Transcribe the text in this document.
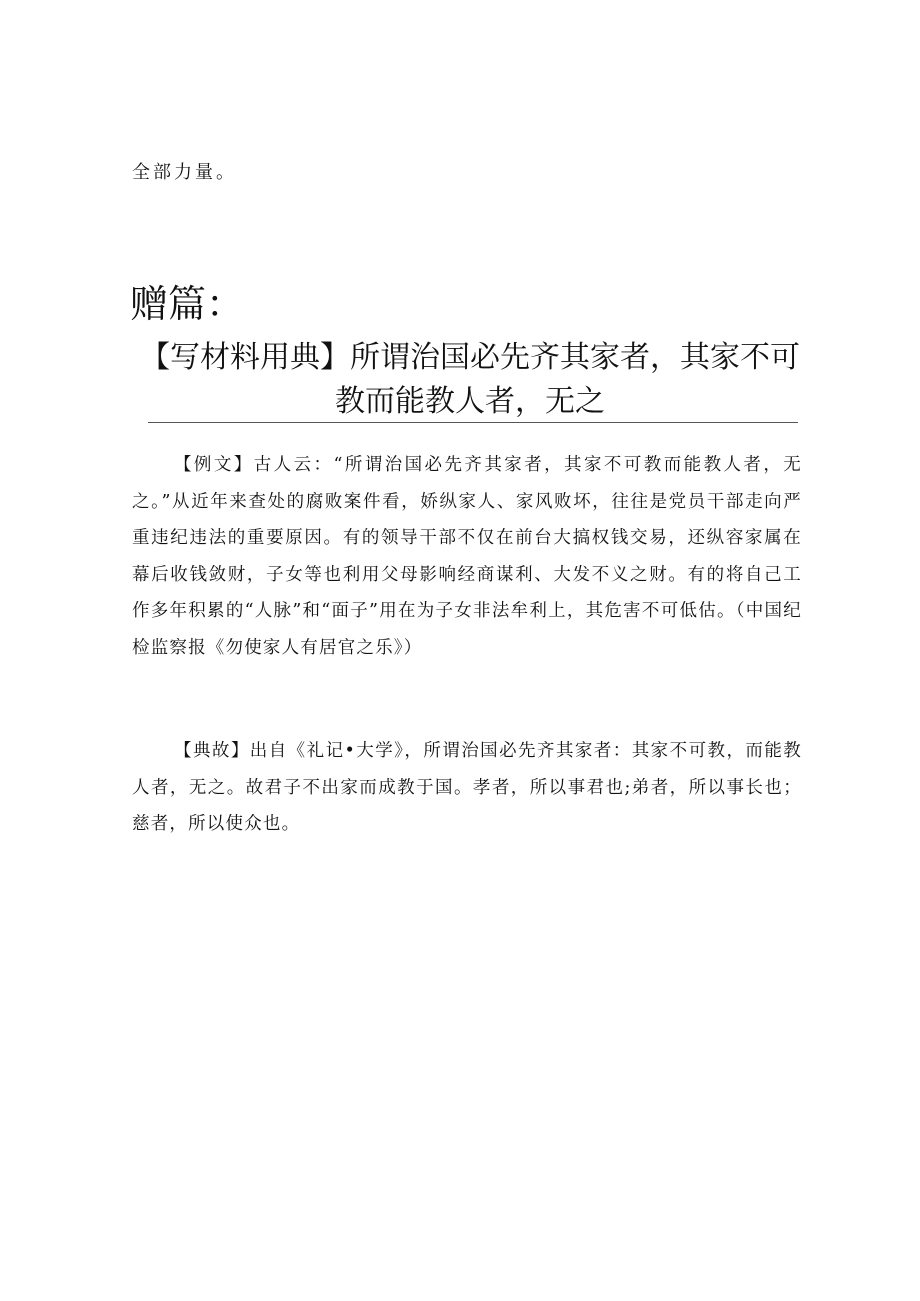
全部力量。
赠篇：
【写材料用典】所谓治国必先齐其家者，其家不可教而能教人者，无之

【例文】古人云：“所谓治国必先齐其家者，其家不可教而能教人者，无之。”从近年来查处的腐败案件看，娇纵家人、家风败坏，往往是党员干部走向严重违纪违法的重要原因。有的领导干部不仅在前台大搞权钱交易，还纵容家属在幕后收钱敛财，子女等也利用父母影响经商谋利、大发不义之财。有的将自己工作多年积累的“人脉”和“面子”用在为子女非法牟利上，其危害不可低估。（中国纪检监察报《勿使家人有居官之乐》）

【典故】出自《礼记•大学》，所谓治国必先齐其家者：其家不可教，而能教人者，无之。故君子不出家而成教于国。孝者，所以事君也;弟者，所以事长也；慈者，所以使众也。
